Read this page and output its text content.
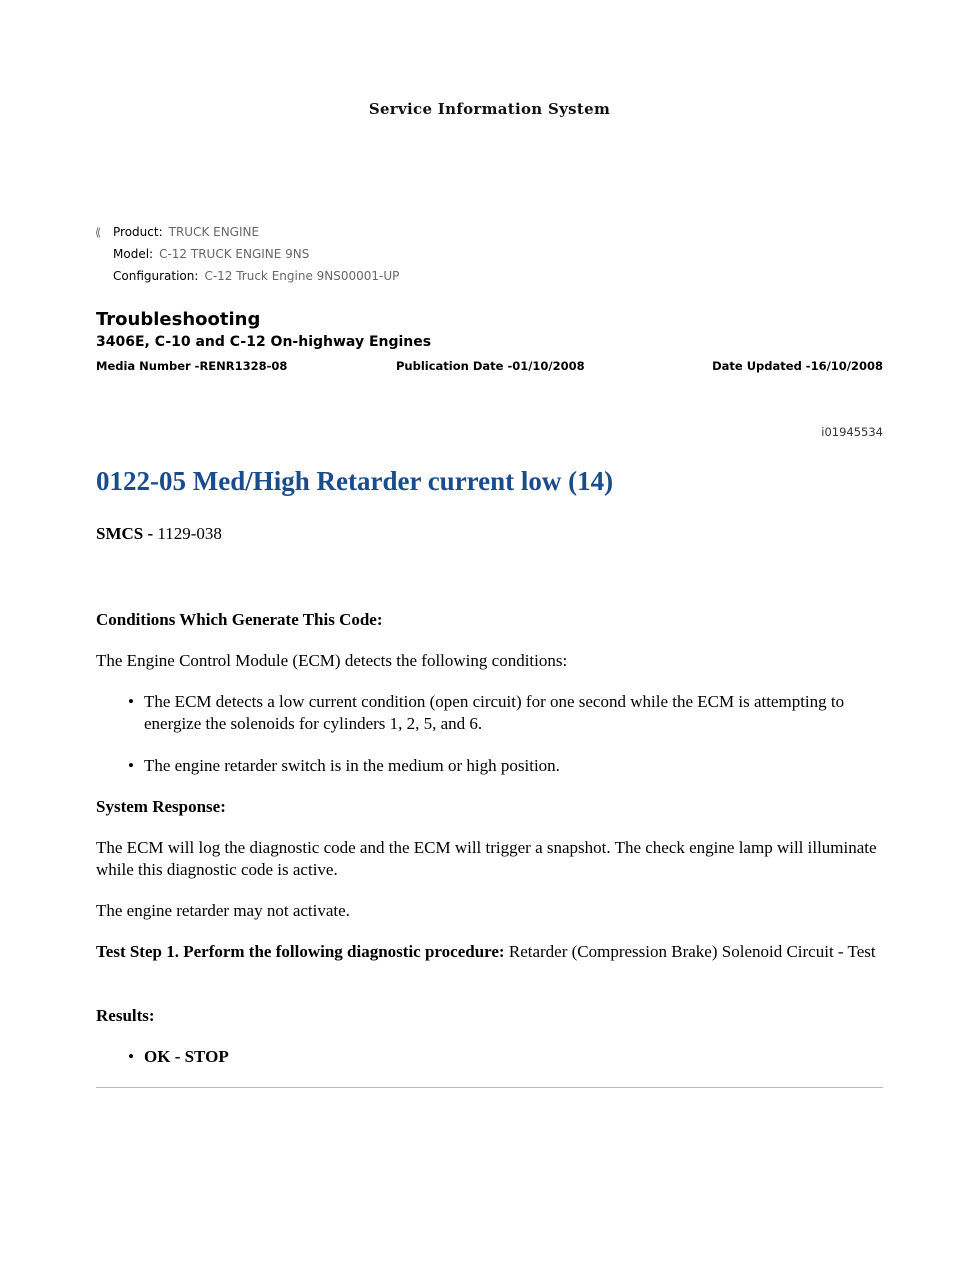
Service Information System
⟪ Product: TRUCK ENGINE
Model: C-12 TRUCK ENGINE 9NS
Configuration: C-12 Truck Engine 9NS00001-UP
Troubleshooting
3406E, C-10 and C-12 On-highway Engines
Media Number -RENR1328-08	Publication Date -01/10/2008	Date Updated -16/10/2008
i01945534
0122-05 Med/High Retarder current low (14)
SMCS - 1129-038
Conditions Which Generate This Code:
The Engine Control Module (ECM) detects the following conditions:
• The ECM detects a low current condition (open circuit) for one second while the ECM is attempting to energize the solenoids for cylinders 1, 2, 5, and 6.
• The engine retarder switch is in the medium or high position.
System Response:
The ECM will log the diagnostic code and the ECM will trigger a snapshot. The check engine lamp will illuminate while this diagnostic code is active.
The engine retarder may not activate.
Test Step 1. Perform the following diagnostic procedure: Retarder (Compression Brake) Solenoid Circuit - Test
Results:
• OK - STOP
